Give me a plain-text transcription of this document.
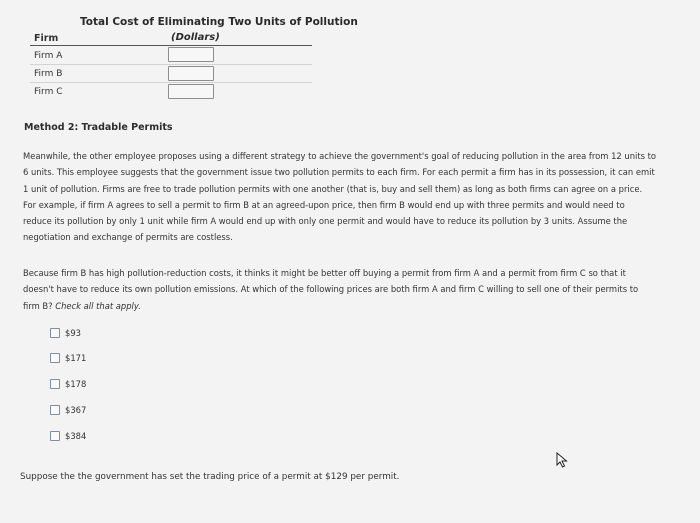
Total Cost of Eliminating Two Units of Pollution
(Dollars)
Firm
Firm A
Firm B
Firm C
Method 2: Tradable Permits
Meanwhile, the other employee proposes using a different strategy to achieve the government's goal of reducing pollution in the area from 12 units to
6 units. This employee suggests that the government issue two pollution permits to each firm. For each permit a firm has in its possession, it can emit
1 unit of pollution. Firms are free to trade pollution permits with one another (that is, buy and sell them) as long as both firms can agree on a price.
For example, if firm A agrees to sell a permit to firm B at an agreed-upon price, then firm B would end up with three permits and would need to
reduce its pollution by only 1 unit while firm A would end up with only one permit and would have to reduce its pollution by 3 units. Assume the
negotiation and exchange of permits are costless.
Because firm B has high pollution-reduction costs, it thinks it might be better off buying a permit from firm A and a permit from firm C so that it
doesn't have to reduce its own pollution emissions. At which of the following prices are both firm A and firm C willing to sell one of their permits to
firm B? Check all that apply.
$93
$171
$178
$367
$384
Suppose the the government has set the trading price of a permit at $129 per permit.
